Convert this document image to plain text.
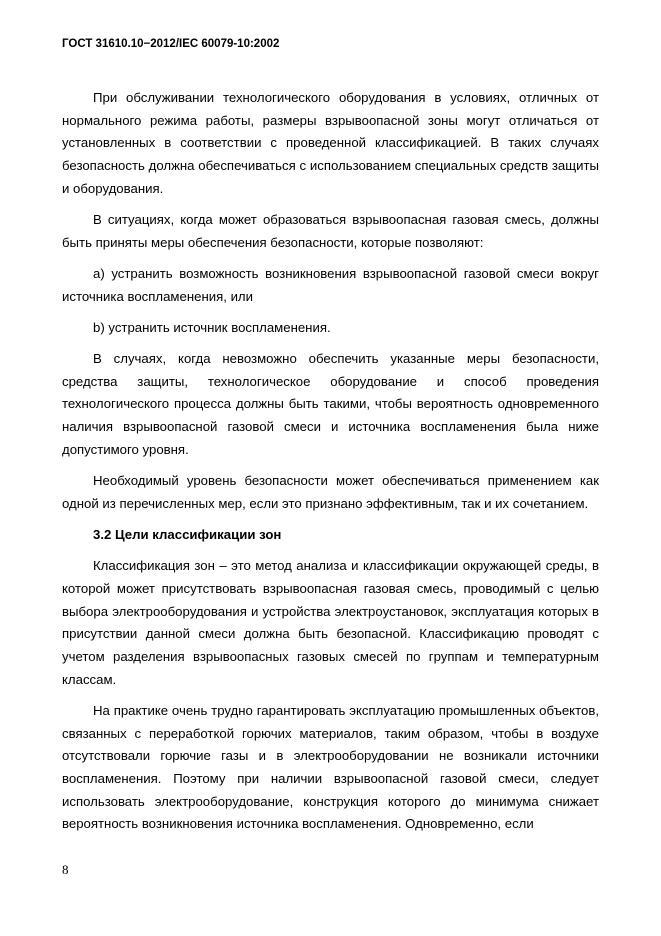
ГОСТ 31610.10−2012/IEC 60079-10:2002

При обслуживании технологического оборудования в условиях, отличных от нормального режима работы, размеры взрывоопасной зоны могут отличаться от установленных в соответствии с проведенной классификацией. В таких случаях безопасность должна обеспечиваться с использованием специальных средств защиты и оборудования.

В ситуациях, когда может образоваться взрывоопасная газовая смесь, должны быть приняты меры обеспечения безопасности, которые позволяют:

a) устранить возможность возникновения взрывоопасной газовой смеси вокруг источника воспламенения, или

b) устранить источник воспламенения.

В случаях, когда невозможно обеспечить указанные меры безопасности, средства защиты, технологическое оборудование и способ проведения технологического процесса должны быть такими, чтобы вероятность одновременного наличия взрывоопасной газовой смеси и источника воспламенения была ниже допустимого уровня.

Необходимый уровень безопасности может обеспечиваться применением как одной из перечисленных мер, если это признано эффективным, так и их сочетанием.

3.2 Цели классификации зон

Классификация зон – это метод анализа и классификации окружающей среды, в которой может присутствовать взрывоопасная газовая смесь, проводимый с целью выбора электрооборудования и устройства электроустановок, эксплуатация которых в присутствии данной смеси должна быть безопасной. Классификацию проводят с учетом разделения взрывоопасных газовых смесей по группам и температурным классам.

На практике очень трудно гарантировать эксплуатацию промышленных объектов, связанных с переработкой горючих материалов, таким образом, чтобы в воздухе отсутствовали горючие газы и в электрооборудовании не возникали источники воспламенения. Поэтому при наличии взрывоопасной газовой смеси, следует использовать электрооборудование, конструкция которого до минимума снижает вероятность возникновения источника воспламенения. Одновременно, если

8
